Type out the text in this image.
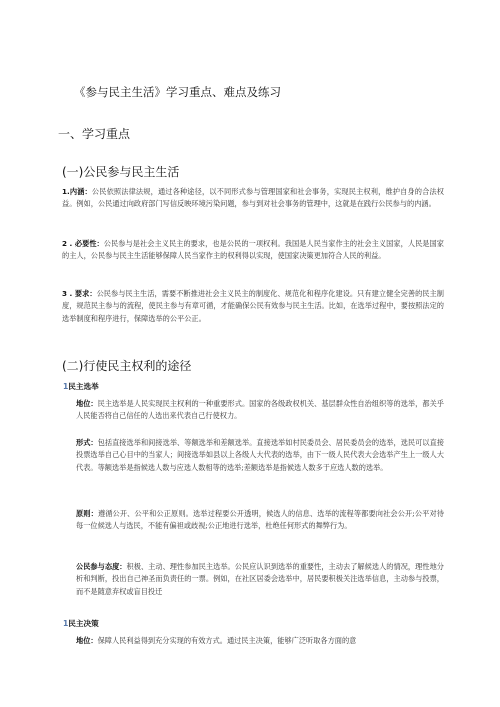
《参与民主生活》学习重点、难点及练习
一、学习重点
(一)公民参与民主生活
1.内涵：公民依照法律法规，通过各种途径，以不同形式参与管理国家和社会事务，实现民主权利，维护自身的合法权益。例如，公民通过向政府部门写信反映环境污染问题，参与到对社会事务的管理中，这就是在践行公民参与的内涵。
2 . 必要性：公民参与是社会主义民主的要求，也是公民的一项权利。我国是人民当家作主的社会主义国家，人民是国家的主人，公民参与民主生活能够保障人民当家作主的权利得以实现，使国家决策更加符合人民的利益。
3 . 要求：公民参与民主生活，需要不断推进社会主义民主的制度化、规范化和程序化建设。只有建立健全完善的民主制度，规范民主参与的流程，使民主参与有章可循，才能确保公民有效参与民主生活。比如，在选举过程中，要按照法定的选举制度和程序进行，保障选举的公平公正。
(二)行使民主权利的途径
1民主选举
地位：民主选举是人民实现民主权利的一种重要形式。国家的各级政权机关、基层群众性自治组织等的选举，都关乎人民能否将自己信任的人选出来代表自己行使权力。
形式：包括直接选举和间接选举、等额选举和差额选举。直接选举如村民委员会、居民委员会的选举，选民可以直接投票选举自己心目中的当家人；间接选举如县以上各级人大代表的选举，由下一级人民代表大会选举产生上一级人大代表。等额选举是指候选人数与应选人数相等的选举;差额选举是指候选人数多于应选人数的选举。
原则：遵循公开、公平和公正原则。选举过程要公开透明，候选人的信息、选举的流程等都要向社会公开;公平对待每一位候选人与选民，不能有偏袒或歧视;公正地进行选举，杜绝任何形式的舞弊行为。
公民参与态度：积极、主动、理性参加民主选举。公民应认识到选举的重要性，主动去了解候选人的情况，理性地分析和判断，投出自己神圣而负责任的一票。例如，在社区居委会选举中，居民要积极关注选举信息，主动参与投票，而不是随意弃权或盲目投迁
1民主决策
地位：保障人民利益得到充分实现的有效方式。通过民主决策，能够广泛听取各方面的意
